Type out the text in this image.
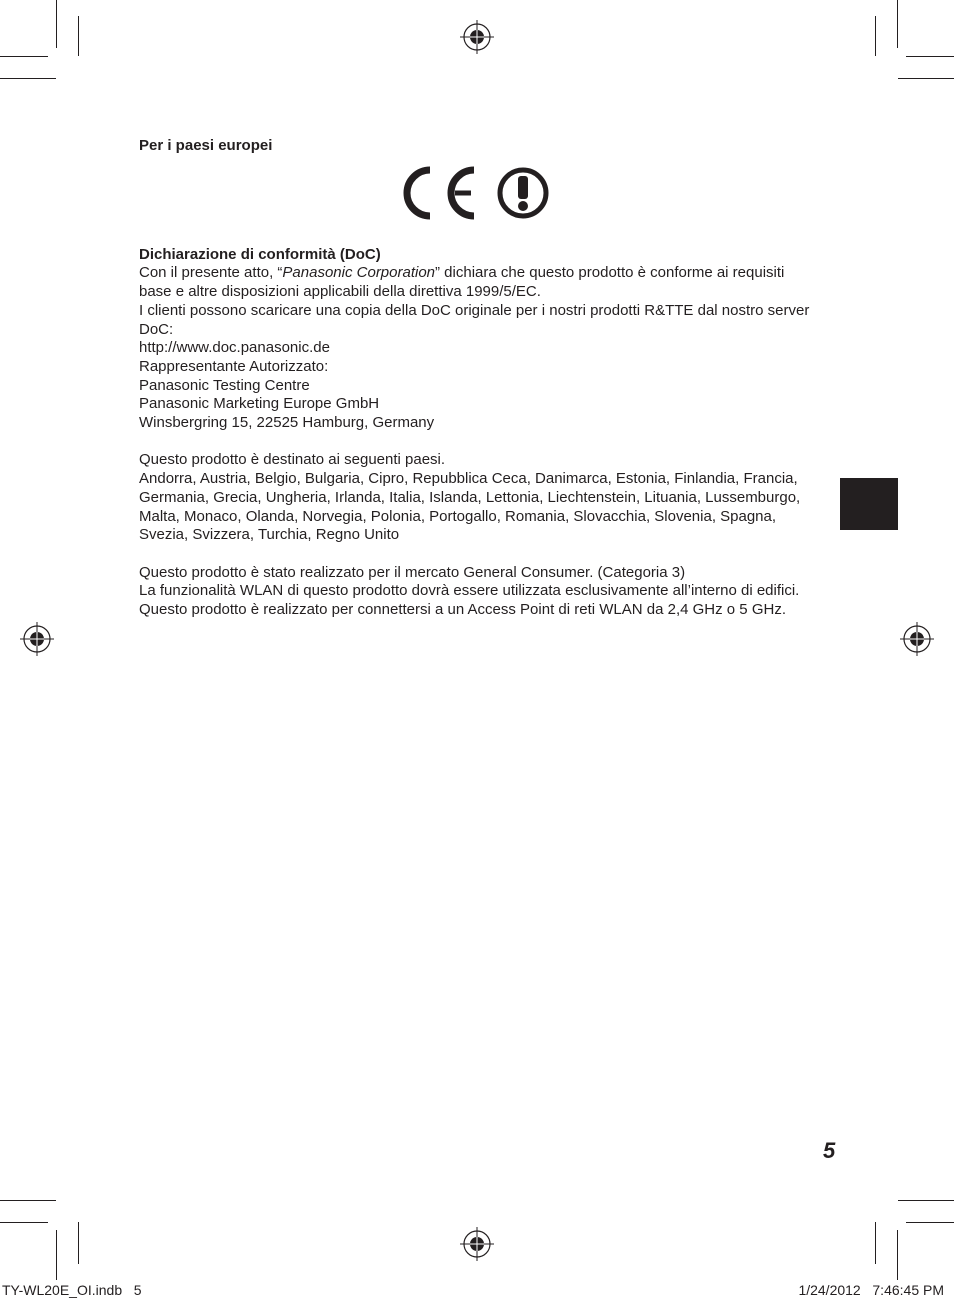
Per i paesi europei

Dichiarazione di conformità (DoC)

Con il presente atto, “Panasonic Corporation” dichiara che questo prodotto è conforme ai requisiti base e altre disposizioni applicabili della direttiva 1999/5/EC.

I clienti possono scaricare una copia della DoC originale per i nostri prodotti R&TTE dal nostro server DoC:

http://www.doc.panasonic.de

Rappresentante Autorizzato:

Panasonic Testing Centre

Panasonic Marketing Europe GmbH

Winsbergring 15, 22525 Hamburg, Germany

Questo prodotto è destinato ai seguenti paesi.

Andorra, Austria, Belgio, Bulgaria, Cipro, Repubblica Ceca, Danimarca, Estonia, Finlandia, Francia, Germania, Grecia, Ungheria, Irlanda, Italia, Islanda, Lettonia, Liechtenstein, Lituania, Lussemburgo, Malta, Monaco, Olanda, Norvegia, Polonia, Portogallo, Romania, Slovacchia, Slovenia, Spagna, Svezia, Svizzera, Turchia, Regno Unito

Questo prodotto è stato realizzato per il mercato General Consumer. (Categoria 3)

La funzionalità WLAN di questo prodotto dovrà essere utilizzata esclusivamente all’interno di edifici.

Questo prodotto è realizzato per connettersi a un Access Point di reti WLAN da 2,4 GHz o 5 GHz.

5
TY-WL20E_OI.indb   5	1/24/2012   7:46:45 PM
